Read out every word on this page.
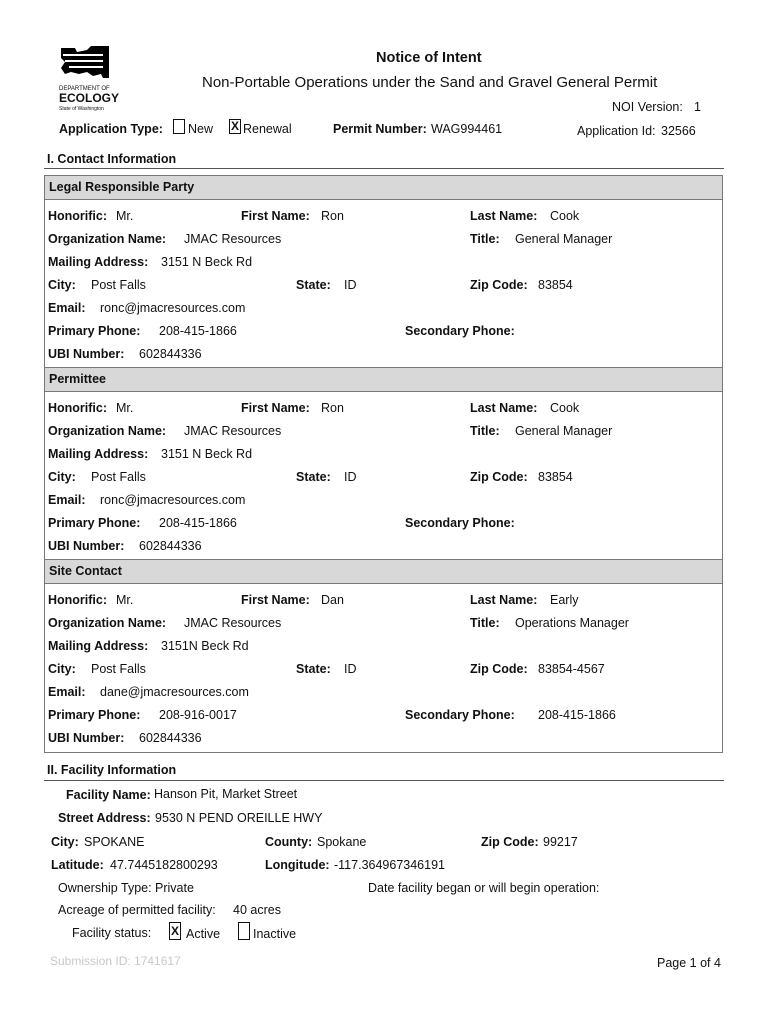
DEPARTMENT OF
ECOLOGY
State of Washington
Notice of Intent
Non-Portable Operations under the Sand and Gravel General Permit
NOI Version: 1
Application Type: New X Renewal	Permit Number: WAG994461	Application Id: 32566
I. Contact Information
Legal Responsible Party
Honorific: Mr.	First Name: Ron	Last Name: Cook
Organization Name: JMAC Resources	Title: General Manager
Mailing Address: 3151 N Beck Rd
City: Post Falls	State: ID	Zip Code: 83854
Email: ronc@jmacresources.com
Primary Phone: 208-415-1866	Secondary Phone:
UBI Number: 602844336
Permittee
Honorific: Mr.	First Name: Ron	Last Name: Cook
Organization Name: JMAC Resources	Title: General Manager
Mailing Address: 3151 N Beck Rd
City: Post Falls	State: ID	Zip Code: 83854
Email: ronc@jmacresources.com
Primary Phone: 208-415-1866	Secondary Phone:
UBI Number: 602844336
Site Contact
Honorific: Mr.	First Name: Dan	Last Name: Early
Organization Name: JMAC Resources	Title: Operations Manager
Mailing Address: 3151N Beck Rd
City: Post Falls	State: ID	Zip Code: 83854-4567
Email: dane@jmacresources.com
Primary Phone: 208-916-0017	Secondary Phone: 208-415-1866
UBI Number: 602844336
II. Facility Information
Facility Name: Hanson Pit, Market Street
Street Address: 9530 N PEND OREILLE HWY
City: SPOKANE	County: Spokane	Zip Code: 99217
Latitude: 47.7445182800293	Longitude: -117.364967346191
Ownership Type: Private	Date facility began or will begin operation:
Acreage of permitted facility: 40 acres
Facility status: X Active	Inactive
Submission ID: 1741617	Page 1 of 4
